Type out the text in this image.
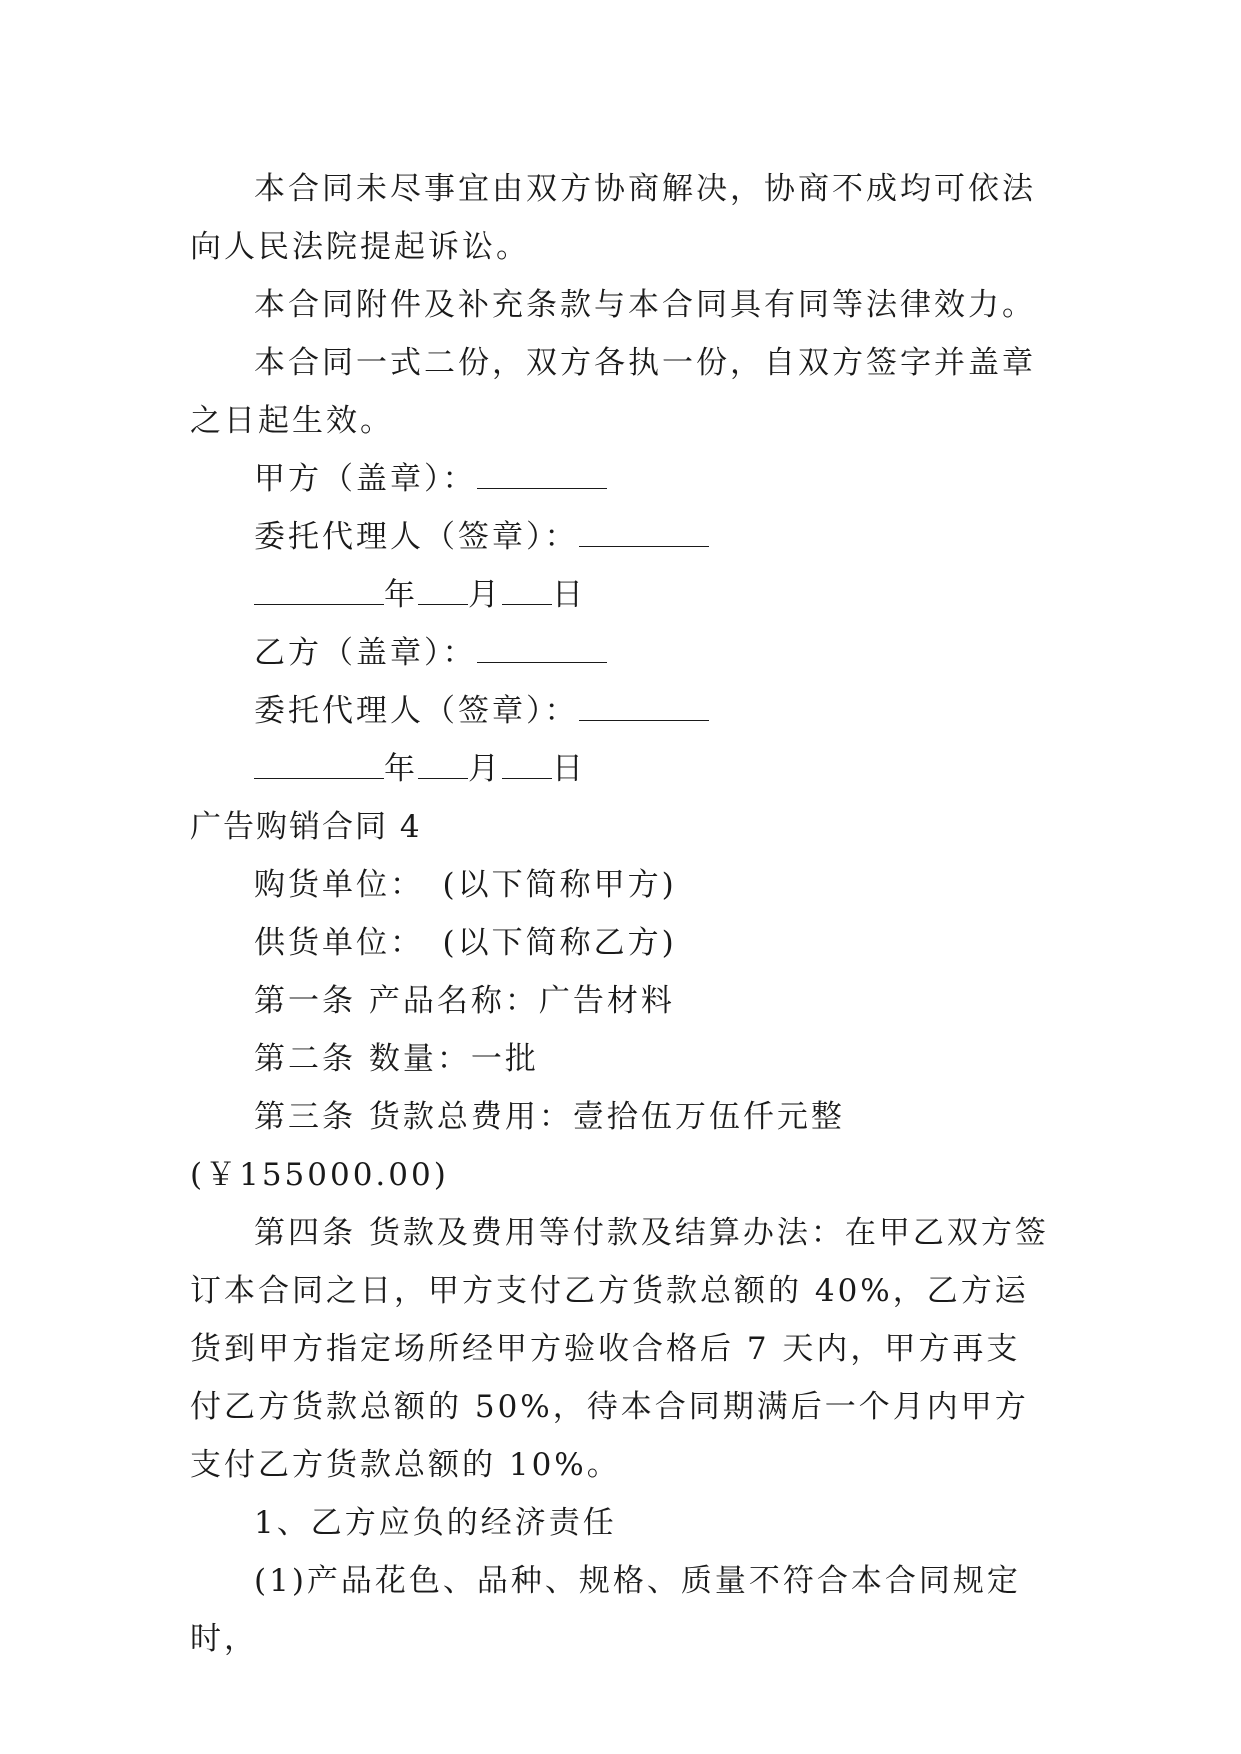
本合同未尽事宜由双方协商解决，协商不成均可依法向人民法院提起诉讼。

本合同附件及补充条款与本合同具有同等法律效力。

本合同一式二份，双方各执一份，自双方签字并盖章之日起生效。

甲方（盖章）：

委托代理人（签章）：

年 月 日

乙方（盖章）：

委托代理人（签章）：

年 月 日

广告购销合同 4

购货单位：　(以下简称甲方)

供货单位：　(以下简称乙方)

第一条 产品名称：广告材料

第二条 数量：一批

第三条 货款总费用：壹拾伍万伍仟元整(￥155000.00)

第四条 货款及费用等付款及结算办法：在甲乙双方签订本合同之日，甲方支付乙方货款总额的 40%，乙方运货到甲方指定场所经甲方验收合格后 7 天内，甲方再支付乙方货款总额的 50%，待本合同期满后一个月内甲方支付乙方货款总额的 10%。

1、乙方应负的经济责任

(1)产品花色、品种、规格、质量不符合本合同规定时，
